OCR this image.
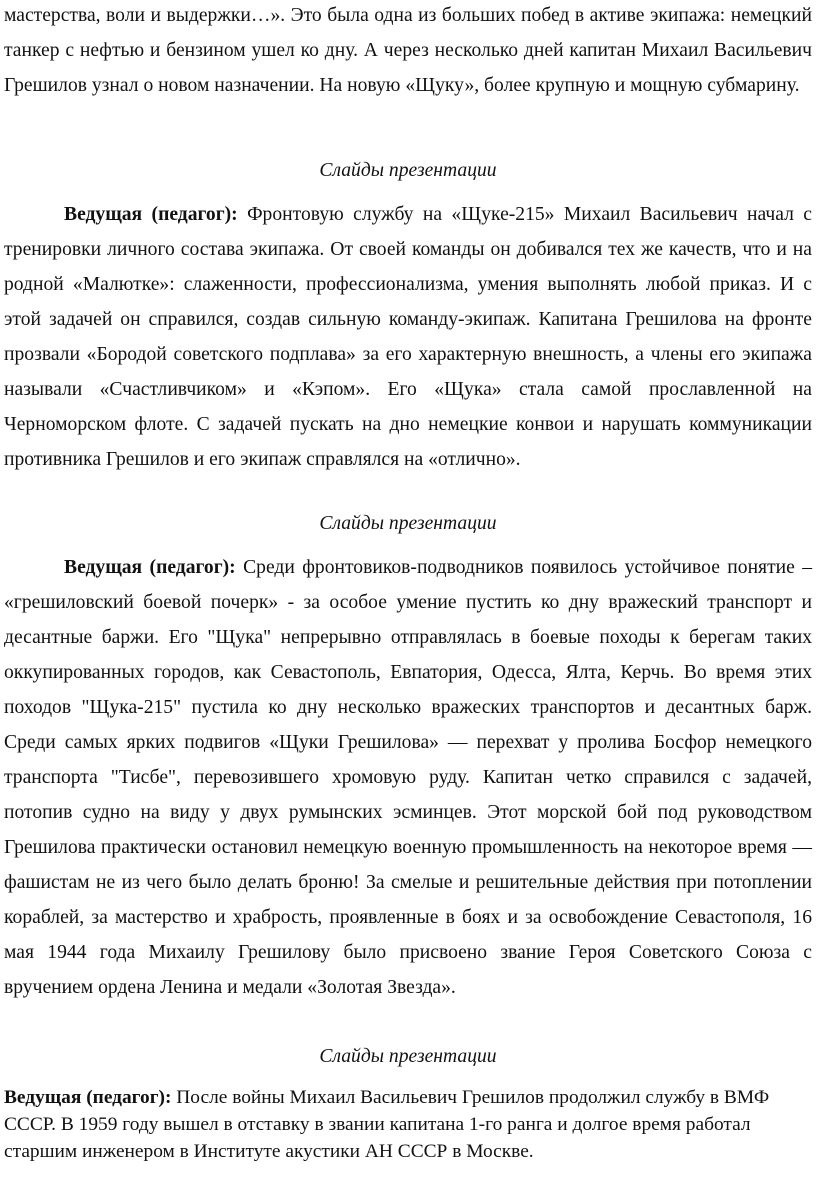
мастерства, воли и выдержки…». Это была одна из больших побед в активе экипажа: немецкий танкер с нефтью и бензином ушел ко дну. А через несколько дней капитан Михаил Васильевич Грешилов узнал о новом назначении. На новую «Щуку», более крупную и мощную субмарину.

Слайды презентации

Ведущая (педагог): Фронтовую службу на «Щуке-215» Михаил Васильевич начал с тренировки личного состава экипажа. От своей команды он добивался тех же качеств, что и на родной «Малютке»: слаженности, профессионализма, умения выполнять любой приказ. И с этой задачей он справился, создав сильную команду-экипаж. Капитана Грешилова на фронте прозвали «Бородой советского подплава» за его характерную внешность, а члены его экипажа называли «Счастливчиком» и «Кэпом». Его «Щука» стала самой прославленной на Черноморском флоте. С задачей пускать на дно немецкие конвои и нарушать коммуникации противника Грешилов и его экипаж справлялся на «отлично».

Слайды презентации

Ведущая (педагог): Среди фронтовиков-подводников появилось устойчивое понятие – «грешиловский боевой почерк» - за особое умение пустить ко дну вражеский транспорт и десантные баржи. Его "Щука" непрерывно отправлялась в боевые походы к берегам таких оккупированных городов, как Севастополь, Евпатория, Одесса, Ялта, Керчь. Во время этих походов "Щука-215" пустила ко дну несколько вражеских транспортов и десантных барж. Среди самых ярких подвигов «Щуки Грешилова» — перехват у пролива Босфор немецкого транспорта "Тисбе", перевозившего хромовую руду. Капитан четко справился с задачей, потопив судно на виду у двух румынских эсминцев. Этот морской бой под руководством Грешилова практически остановил немецкую военную промышленность на некоторое время — фашистам не из чего было делать броню! За смелые и решительные действия при потоплении кораблей, за мастерство и храбрость, проявленные в боях и за освобождение Севастополя, 16 мая 1944 года Михаилу Грешилову было присвоено звание Героя Советского Союза с вручением ордена Ленина и медали «Золотая Звезда».

Слайды презентации

Ведущая (педагог): После войны Михаил Васильевич Грешилов продолжил службу в ВМФ СССР. В 1959 году вышел в отставку в звании капитана 1-го ранга и долгое время работал старшим инженером в Институте акустики АН СССР в Москве.
